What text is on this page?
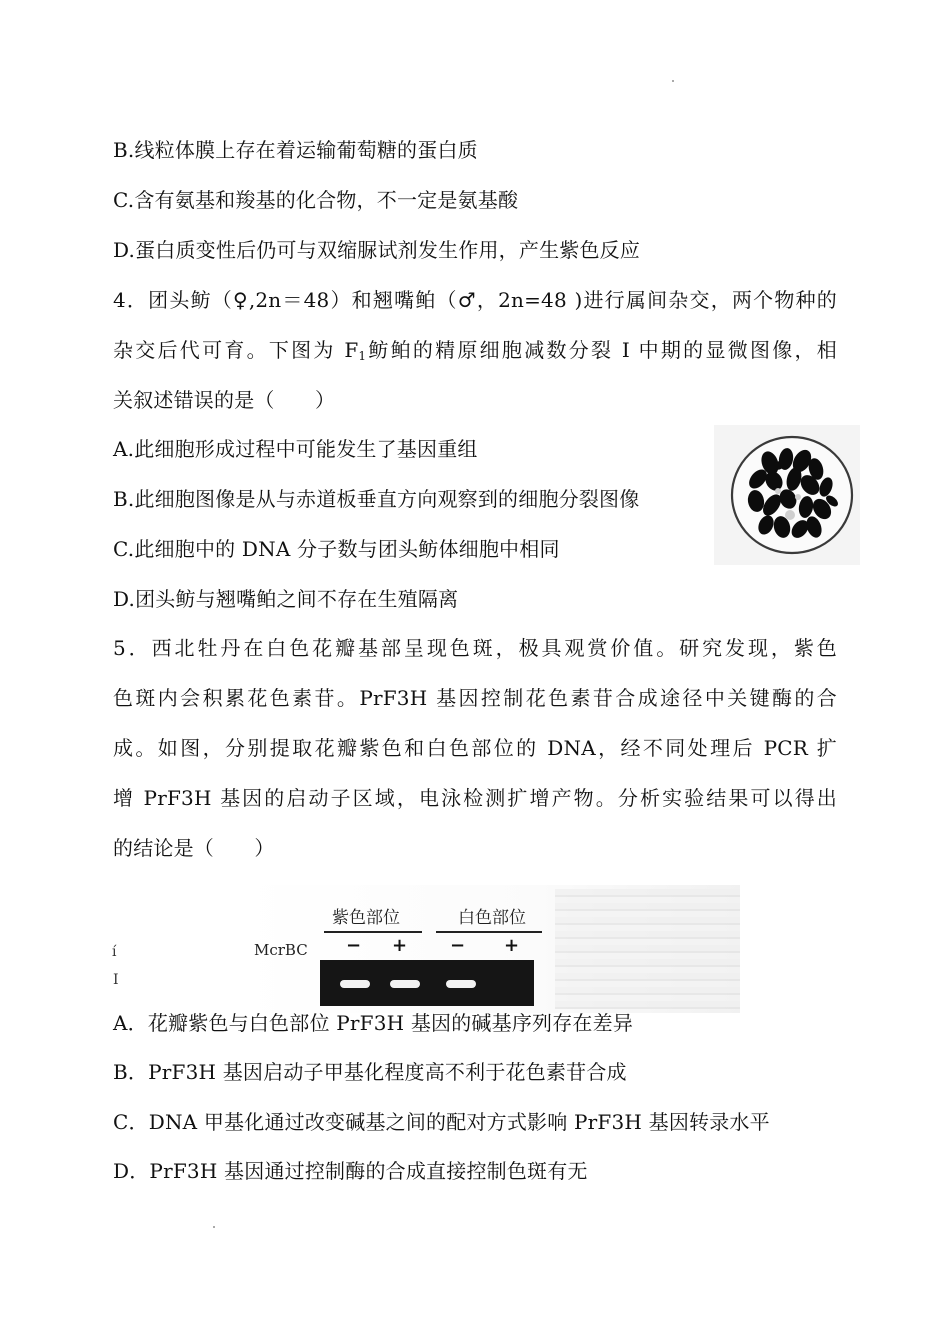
B.线粒体膜上存在着运输葡萄糖的蛋白质
C.含有氨基和羧基的化合物，不一定是氨基酸
D.蛋白质变性后仍可与双缩脲试剂发生作用，产生紫色反应
4．团头鲂（♀,2n＝48）和翘嘴鲌（♂，2n=48 )进行属间杂交，两个物种的
杂交后代可育。下图为 $F_1$鲂鲌的精原细胞减数分裂 I 中期的显微图像，相
关叙述错误的是（　　）
A.此细胞形成过程中可能发生了基因重组
B.此细胞图像是从与赤道板垂直方向观察到的细胞分裂图像
C.此细胞中的 DNA 分子数与团头鲂体细胞中相同
D.团头鲂与翘嘴鲌之间不存在生殖隔离
5．西北牡丹在白色花瓣基部呈现色斑，极具观赏价值。研究发现，紫色
色斑内会积累花色素苷。PrF3H 基因控制花色素苷合成途径中关键酶的合
成。如图，分别提取花瓣紫色和白色部位的 DNA，经不同处理后 PCR 扩
增 PrF3H 基因的启动子区域，电泳检测扩增产物。分析实验结果可以得出
的结论是（　　）
í
I
紫色部位	白色部位
McrBC − + − +
A．花瓣紫色与白色部位 PrF3H 基因的碱基序列存在差异
B．PrF3H 基因启动子甲基化程度高不利于花色素苷合成
C．DNA 甲基化通过改变碱基之间的配对方式影响 PrF3H 基因转录水平
D．PrF3H 基因通过控制酶的合成直接控制色斑有无
